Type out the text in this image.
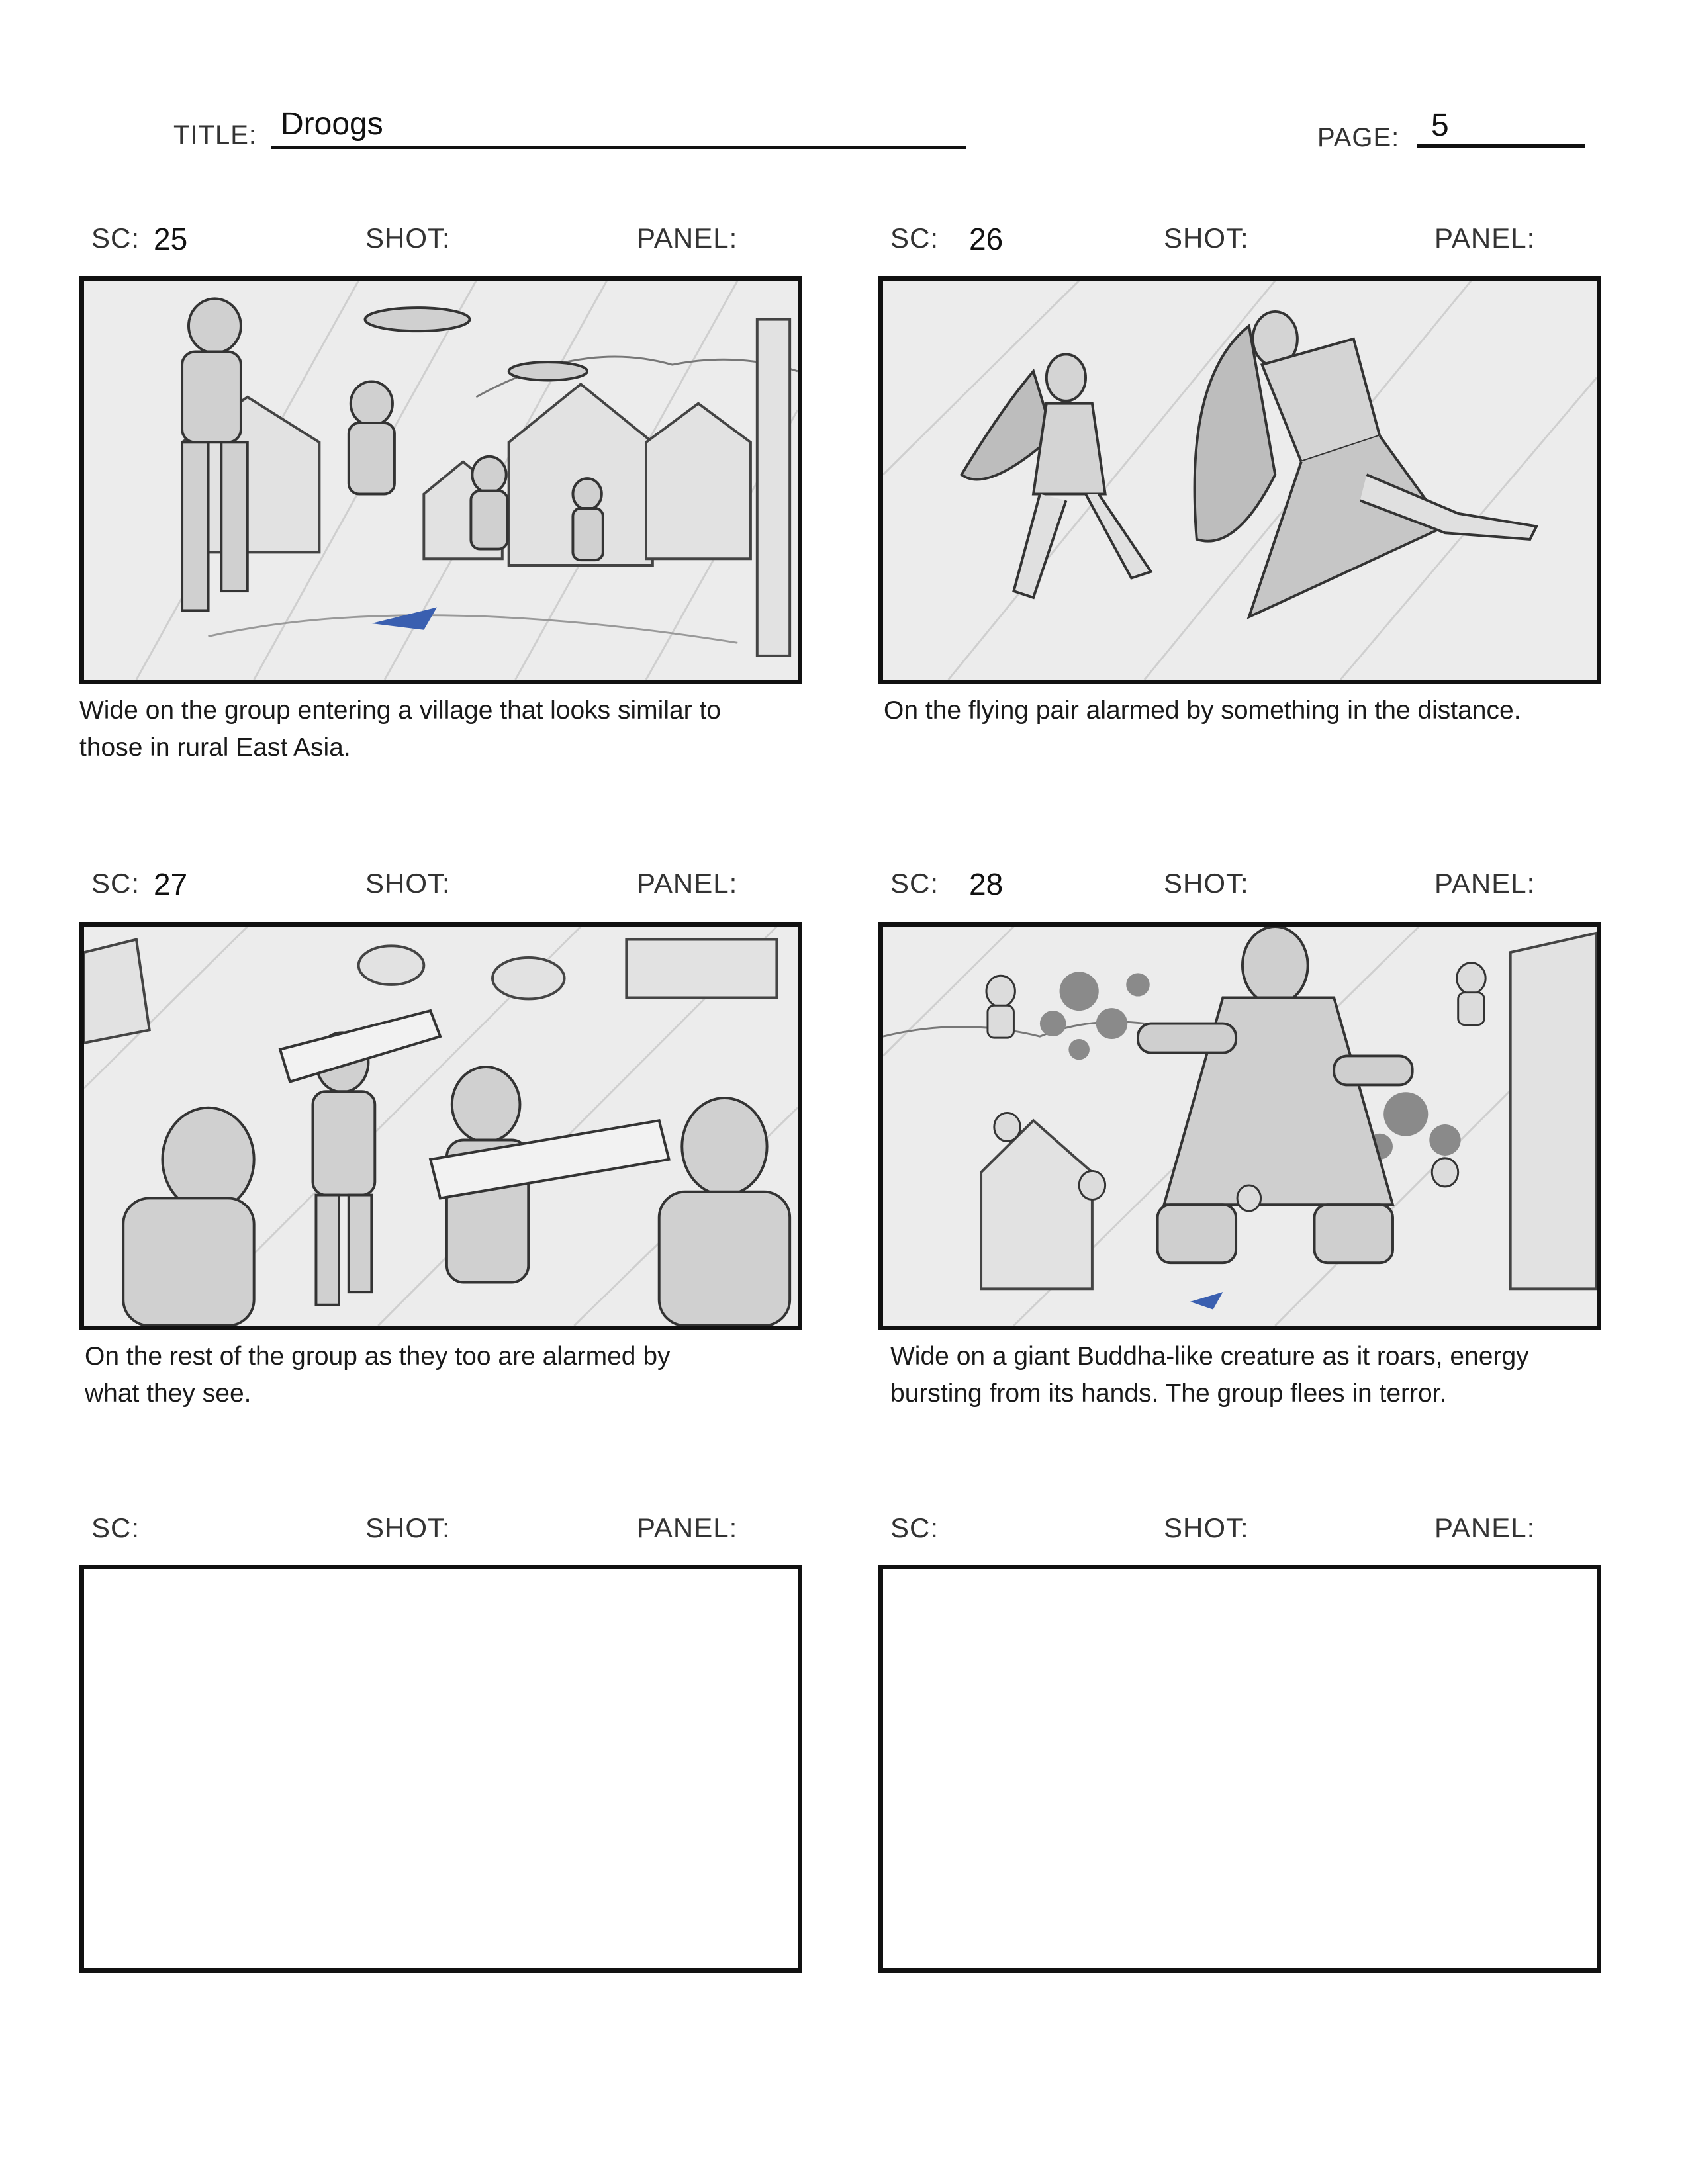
TITLE: Droogs	PAGE: 5
SC: 25	SHOT:	PANEL:
Wide on the group entering a village that looks similar to
those in rural East Asia.
SC: 26	SHOT:	PANEL:
On the flying pair alarmed by something in the distance.
SC: 27	SHOT:	PANEL:
On the rest of the group as they too are alarmed by
what they see.
SC: 28	SHOT:	PANEL:
Wide on a giant Buddha-like creature as it roars, energy
bursting from its hands. The group flees in terror.
SC:	SHOT:	PANEL:	SC:	SHOT:	PANEL:
